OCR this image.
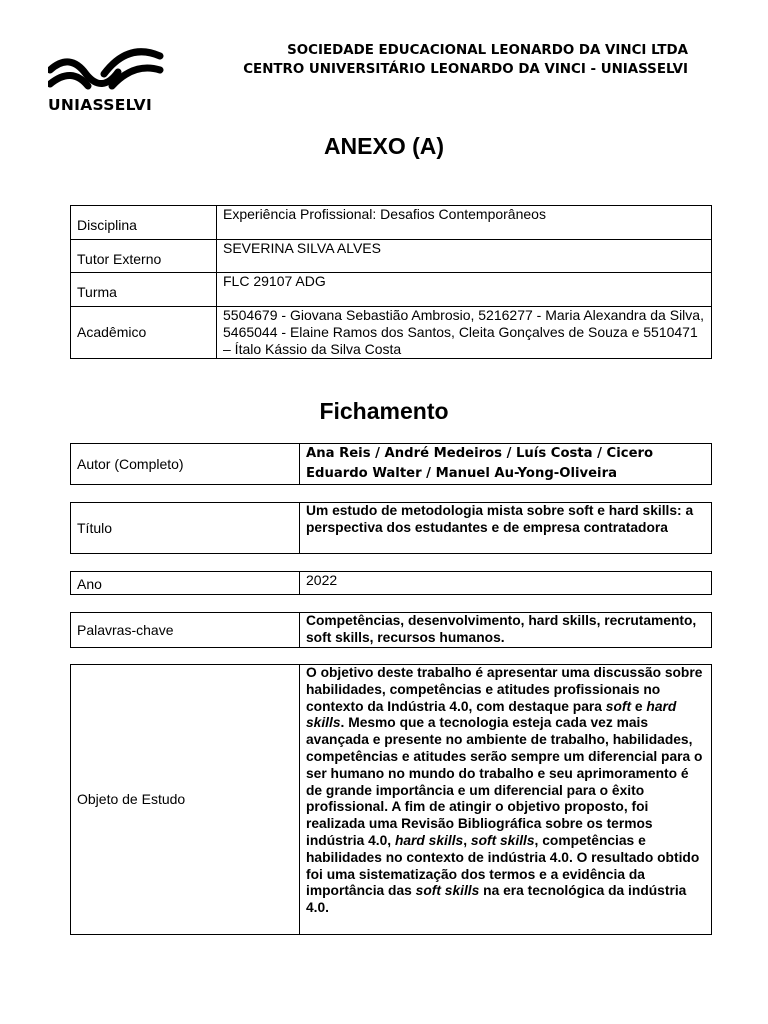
UNIASSELVI
SOCIEDADE EDUCACIONAL LEONARDO DA VINCI LTDA
CENTRO UNIVERSITÁRIO LEONARDO DA VINCI - UNIASSELVI
ANEXO (A)
Disciplina	Experiência Profissional: Desafios Contemporâneos
Tutor Externo	SEVERINA SILVA ALVES
Turma	FLC 29107 ADG
Acadêmico	5504679 - Giovana Sebastião Ambrosio, 5216277 - Maria Alexandra da Silva, 5465044 - Elaine Ramos dos Santos, Cleita Gonçalves de Souza e 5510471 – Ítalo Kássio da Silva Costa
Fichamento
Autor (Completo)	Ana Reis / André Medeiros / Luís Costa / Cicero Eduardo Walter / Manuel Au-Yong-Oliveira
Título	Um estudo de metodologia mista sobre soft e hard skills: a perspectiva dos estudantes e de empresa contratadora
Ano	2022
Palavras-chave	Competências, desenvolvimento, hard skills, recrutamento, soft skills, recursos humanos.
Objeto de Estudo	O objetivo deste trabalho é apresentar uma discussão sobre habilidades, competências e atitudes profissionais no contexto da Indústria 4.0, com destaque para soft e hard skills. Mesmo que a tecnologia esteja cada vez mais avançada e presente no ambiente de trabalho, habilidades, competências e atitudes serão sempre um diferencial para o ser humano no mundo do trabalho e seu aprimoramento é de grande importância e um diferencial para o êxito profissional. A fim de atingir o objetivo proposto, foi realizada uma Revisão Bibliográfica sobre os termos indústria 4.0, hard skills, soft skills, competências e habilidades no contexto de indústria 4.0. O resultado obtido foi uma sistematização dos termos e a evidência da importância das soft skills na era tecnológica da indústria 4.0.
